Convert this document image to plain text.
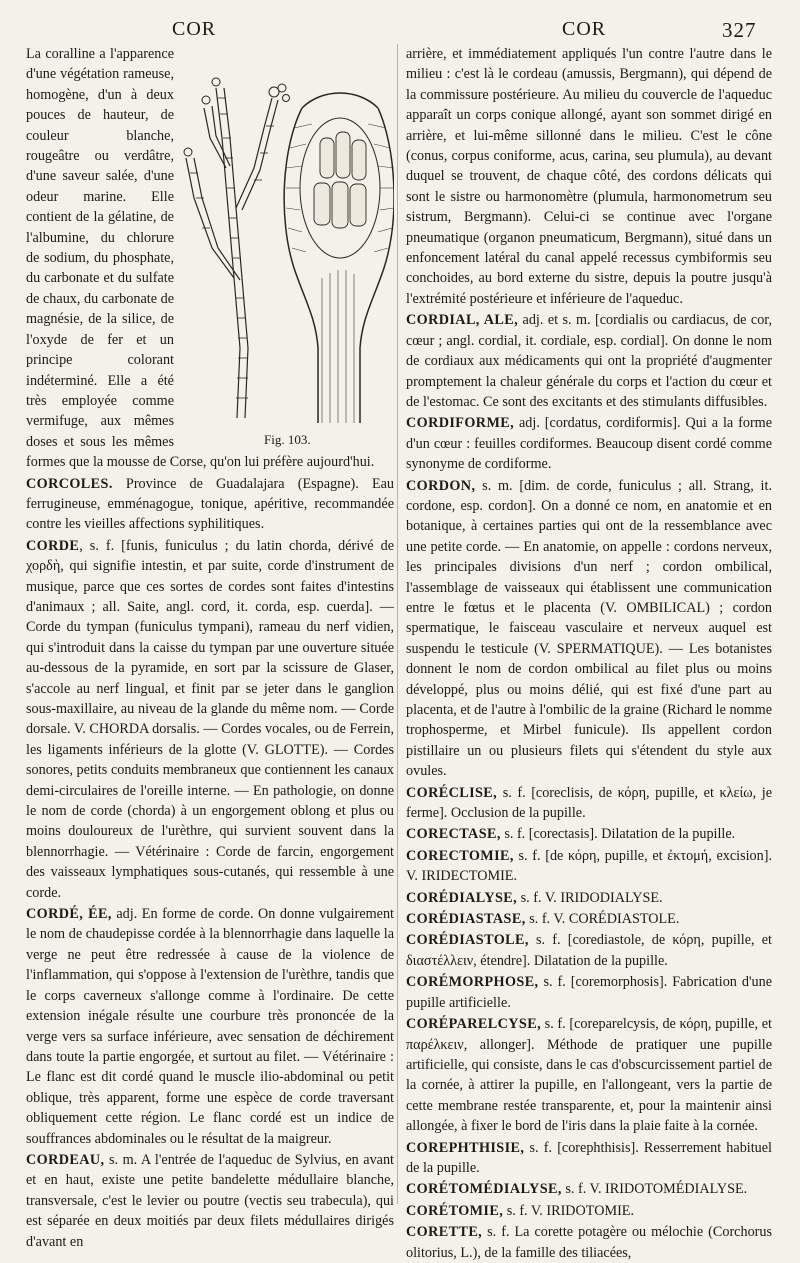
COR	COR	327
Fig. 103.

La coralline a l'apparence d'une végétation rameuse, homogène, d'un à deux pouces de hauteur, de couleur blanche, rougeâtre ou verdâtre, d'une saveur salée, d'une odeur marine. Elle contient de la gélatine, de l'albumine, du chlorure de sodium, du phosphate, du carbonate et du sulfate de chaux, du carbonate de magnésie, de la silice, de l'oxyde de fer et un principe colorant indéterminé. Elle a été très employée comme vermifuge, aux mêmes doses et sous les mêmes formes que la mousse de Corse, qu'on lui préfère aujourd'hui.

CORCOLES. Province de Guadalajara (Espagne). Eau ferrugineuse, emménagogue, tonique, apéritive, recommandée contre les vieilles affections syphilitiques.

CORDE, s. f. [funis, funiculus ; du latin chorda, dérivé de χορδὴ, qui signifie intestin, et par suite, corde d'instrument de musique, parce que ces sortes de cordes sont faites d'intestins d'animaux ; all. Saite, angl. cord, it. corda, esp. cuerda]. — Corde du tympan (funiculus tympani), rameau du nerf vidien, qui s'introduit dans la caisse du tympan par une ouverture située au-dessous de la pyramide, en sort par la scissure de Glaser, s'accole au nerf lingual, et finit par se jeter dans le ganglion sous-maxillaire, au niveau de la glande du même nom. — Corde dorsale. V. CHORDA dorsalis. — Cordes vocales, ou de Ferrein, les ligaments inférieurs de la glotte (V. GLOTTE). — Cordes sonores, petits conduits membraneux que contiennent les canaux demi-circulaires de l'oreille interne. — En pathologie, on donne le nom de corde (chorda) à un engorgement oblong et plus ou moins douloureux de l'urèthre, qui survient souvent dans la blennorrhagie. — Vétérinaire : Corde de farcin, engorgement des vaisseaux lymphatiques sous-cutanés, qui ressemble à une corde.

CORDÉ, ÉE, adj. En forme de corde. On donne vulgairement le nom de chaudepisse cordée à la blennorrhagie dans laquelle la verge ne peut être redressée à cause de la violence de l'inflammation, qui s'oppose à l'extension de l'urèthre, tandis que le corps caverneux s'allonge comme à l'ordinaire. De cette extension inégale résulte une courbure très prononcée de la verge vers sa surface inférieure, avec sensation de déchirement dans toute la partie engorgée, et surtout au filet. — Vétérinaire : Le flanc est dit cordé quand le muscle ilio-abdominal ou petit oblique, très apparent, forme une espèce de corde traversant obliquement cette région. Le flanc cordé est un indice de souffrances abdominales ou le résultat de la maigreur.

CORDEAU, s. m. A l'entrée de l'aqueduc de Sylvius, en avant et en haut, existe une petite bandelette médullaire blanche, transversale, c'est le levier ou poutre (vectis seu trabecula), qui est séparée en deux moitiés par deux filets médullaires dirigés d'avant en

arrière, et immédiatement appliqués l'un contre l'autre dans le milieu : c'est là le cordeau (amussis, Bergmann), qui dépend de la commissure postérieure. Au milieu du couvercle de l'aqueduc apparaît un corps conique allongé, ayant son sommet dirigé en arrière, et lui-même sillonné dans le milieu. C'est le cône (conus, corpus coniforme, acus, carina, seu plumula), au devant duquel se trouvent, de chaque côté, des cordons délicats qui sont le sistre ou harmonomètre (plumula, harmonometrum seu sistrum, Bergmann). Celui-ci se continue avec l'organe pneumatique (organon pneumaticum, Bergmann), situé dans un enfoncement latéral du canal appelé recessus cymbiformis seu conchoides, au bord externe du sistre, depuis la poutre jusqu'à l'extrémité postérieure et inférieure de l'aqueduc.

CORDIAL, ALE, adj. et s. m. [cordialis ou cardiacus, de cor, cœur ; angl. cordial, it. cordiale, esp. cordial]. On donne le nom de cordiaux aux médicaments qui ont la propriété d'augmenter promptement la chaleur générale du corps et l'action du cœur et de l'estomac. Ce sont des excitants et des stimulants diffusibles.

CORDIFORME, adj. [cordatus, cordiformis]. Qui a la forme d'un cœur : feuilles cordiformes. Beaucoup disent cordé comme synonyme de cordiforme.

CORDON, s. m. [dim. de corde, funiculus ; all. Strang, it. cordone, esp. cordon]. On a donné ce nom, en anatomie et en botanique, à certaines parties qui ont de la ressemblance avec une petite corde. — En anatomie, on appelle : cordons nerveux, les principales divisions d'un nerf ; cordon ombilical, l'assemblage de vaisseaux qui établissent une communication entre le fœtus et le placenta (V. OMBILICAL) ; cordon spermatique, le faisceau vasculaire et nerveux auquel est suspendu le testicule (V. SPERMATIQUE). — Les botanistes donnent le nom de cordon ombilical au filet plus ou moins développé, plus ou moins délié, qui est fixé d'une part au placenta, et de l'autre à l'ombilic de la graine (Richard le nomme trophosperme, et Mirbel funicule). Ils appellent cordon pistillaire un ou plusieurs filets qui s'étendent du style aux ovules.

CORÉCLISE, s. f. [coreclisis, de κόρη, pupille, et κλείω, je ferme]. Occlusion de la pupille.

CORECTASE, s. f. [corectasis]. Dilatation de la pupille.

CORECTOMIE, s. f. [de κόρη, pupille, et ἐκτομή, excision]. V. IRIDECTOMIE.

CORÉDIALYSE, s. f. V. IRIDODIALYSE.

CORÉDIASTASE, s. f. V. CORÉDIASTOLE.

CORÉDIASTOLE, s. f. [corediastole, de κόρη, pupille, et διαστέλλειν, étendre]. Dilatation de la pupille.

CORÉMORPHOSE, s. f. [coremorphosis]. Fabrication d'une pupille artificielle.

CORÉPARELCYSE, s. f. [coreparelcysis, de κόρη, pupille, et παρέλκειν, allonger]. Méthode de pratiquer une pupille artificielle, qui consiste, dans le cas d'obscurcissement partiel de la cornée, à attirer la pupille, en l'allongeant, vers la partie de cette membrane restée transparente, et, pour la maintenir ainsi allongée, à fixer le bord de l'iris dans la plaie faite à la cornée.

COREPHTHISIE, s. f. [corephthisis]. Resserrement habituel de la pupille.

CORÉTOMÉDIALYSE, s. f. V. IRIDOTOMÉDIALYSE.

CORÉTOMIE, s. f. V. IRIDOTOMIE.

CORETTE, s. f. La corette potagère ou mélochie (Corchorus olitorius, L.), de la famille des tiliacées,
